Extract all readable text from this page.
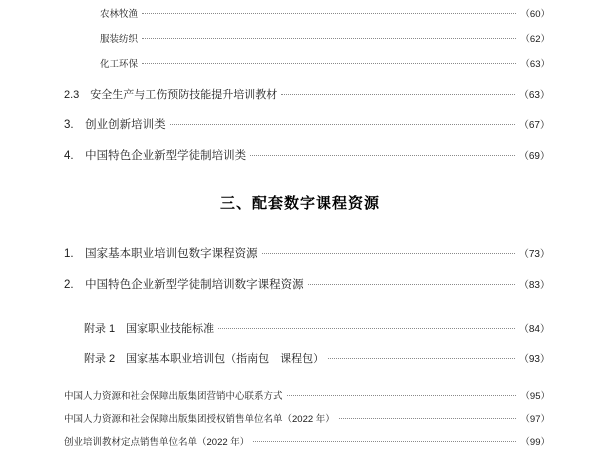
农林牧渔	（60）
服装纺织	（62）
化工环保	（63）
2.3　安全生产与工伤预防技能提升培训教材	（63）
3.　创业创新培训类	（67）
4.　中国特色企业新型学徒制培训类	（69）
三、配套数字课程资源
1.　国家基本职业培训包数字课程资源	（73）
2.　中国特色企业新型学徒制培训数字课程资源	（83）
附录 1　国家职业技能标准	（84）
附录 2　国家基本职业培训包（指南包　课程包）	（93）
中国人力资源和社会保障出版集团营销中心联系方式	（95）
中国人力资源和社会保障出版集团授权销售单位名单（2022 年）	（97）
创业培训教材定点销售单位名单（2022 年）	（99）
